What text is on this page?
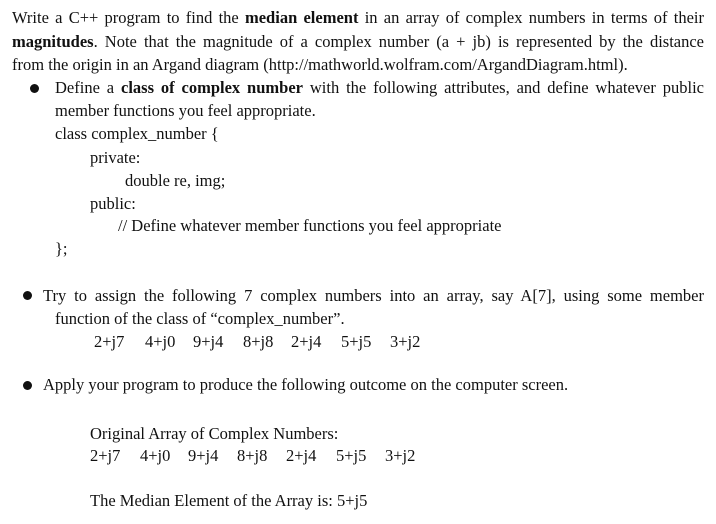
Write a C++ program to find the median element in an array of complex numbers in terms of their
magnitudes. Note that the magnitude of a complex number (a + jb) is represented by the distance
from the origin in an Argand diagram (http://mathworld.wolfram.com/ArgandDiagram.html).
Define a class of complex number with the following attributes, and define whatever public
member functions you feel appropriate.
class complex_number {
private:
double re, img;
public:
// Define whatever member functions you feel appropriate
};
Try to assign the following 7 complex numbers into an array, say A[7], using some member
function of the class of “complex_number”.
2+j7 4+j0 9+j4 8+j8 2+j4 5+j5 3+j2
Apply your program to produce the following outcome on the computer screen.
Original Array of Complex Numbers:
2+j7 4+j0 9+j4 8+j8 2+j4 5+j5 3+j2
The Median Element of the Array is: 5+j5
